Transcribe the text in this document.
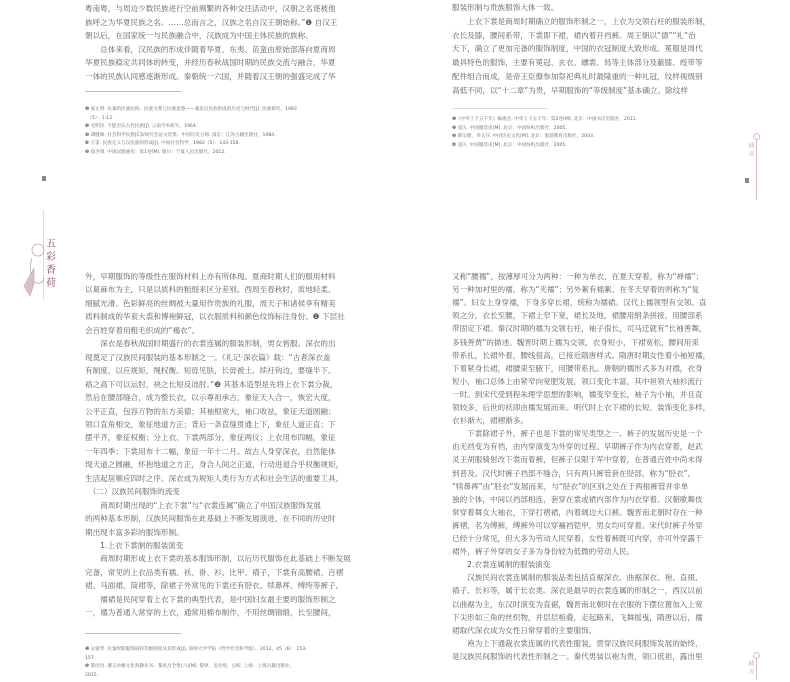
粤南粤，与周边少数民族进行空前频繁的各种交往活动中，汉朝之名逐被他
族呼之为华夏民族之名。……总而言之，汉族之名自汉王朝始称。”❶ 自汉王
朝以后，在国家统一与民族融合中，汉族成为中国主体民族的族称。
　　总体来看，汉民族的形成伴随着华夏、东夷、苗蛮由原始部落向夏商周
华夏民族稳定共同体的转变，并经历春秋战国时期的民族交流与融合，华夏
一体的民族认同感逐渐形成。秦朝统一六国，并随着汉王朝的强盛完成了华
❶ 张正明. 先秦的民族结构、民族关系与民族思想——兼论汉民族形成的历史与时代[J]. 民族研究，1983
　（5）：1-12.
❷ 尤明泽. 不能否认古代民族[J]. 云南学术研究，1964.
❸ 谭健修. 社会科学民族[C]//研究会论文选集：中国历史分册. 南京：江苏古籍出版社，1984.
❹ 王雷. 民族定义与汉民族的形成[J]. 中国社会科学，1982（5）：143-158.
❺ 徐杰舜. 中国汉族通史：第1卷[M]. 银川：宁夏人民出版社，2012.
服装形制与贵族服饰大体一致。
　　上衣下裳是商周时期确立的服饰形制之一，上衣为交领右衽的服装形制，
衣长及膝，腰间系带，下裳即下裙，裙内着开裆裤。周王朝以“德”“礼”治
天下，确立了更加完备的服饰制度，中国的衣冠制度大致形成。冕服是周代
最具特色的服饰，主要有冕冠、玄衣、纁裳、舄等主体部分及蔽膝、绶带等
配件组合而成，是帝王臣僚参加祭祀典礼时最隆重的一种礼冠，纹样视级别
高低不同，以“十二章”为贵，早期服饰的“等级制度”基本确立。除纹样
❶《中华上下五千年》编委会. 中华上下五千年：第2卷[M]. 北京：中国书店出版社，2011.
❷ 袁仄. 中国服装史[M]. 北京：中国纺织出版社，2005.
❸ 蔡宗德，李文芬. 中国历史文化[M]. 北京：旅游教育出版社，2003.
❹ 袁仄. 中国服装史[M]. 北京：中国纺织出版社，2005.	前言
五
彩
香
荷
外，早期服饰的等级性在服饰材料上亦有所体现。夏商时期人们的服用材料
以葛麻布为主，只是以质料的粗细来区分差别。西周至春秋时，质地轻柔、
细腻光滑、色彩鲜亮的丝绸被大量用作贵族的礼服，周天子和诸侯享有精美
质料制成的华衮大裘和博袍鲜冠，以衣服质料和颜色纹饰标注身份。❶ 下层社
会百姓穿着用粗毛织成的“褐衣”。
　　深衣是春秋战国时期盛行的衣裳连属的服装形制，男女皆服。深衣的出
现奠定了汉族民间服装的基本形制之一。《礼记·深衣篇》载：“古者深衣盖
有制度，以应规矩，绳权衡。短毋见肤，长毋被土。续衽钩边，要缝半下。
袼之高下可以运肘，袂之长短反诎肘。”❷ 其基本造型是先将上衣下裳分裁，
然后在腰部缝合，成为整长衣，以示尊祖承古，象征天人合一，恢宏大度，
公平正直，包容万物的东方美德；其袖根宽大，袖口收祛，象征天道圆融；
领口直角相交，象征地道方正；背后一条直缝贯通上下，象征人道正直；下
摆平齐，象征权衡；分上衣、下裳两部分，象征两仪；上衣用布四幅，象征
一年四季；下裳用布十二幅，象征一年十二月。故古人身穿深衣，自然能体
现天道之圆融，怀抱地道之方正，身合人间之正道，行动进退合乎权衡规矩，
生活起居顺应四时之序。深衣成为规矩人类行为方式和社会生活的重要工具。
　（二）汉族民间服饰的流变
　　商周时期出现的“上衣下裳”与“衣裳连属”确立了中国汉族服饰发展
的两种基本形制，汉族民间服饰在此基础上不断发展演进，在不同的历史时
期出现丰富多彩的服饰形制。
　　1.上衣下裳制的服装演变
　　商周时期形成上衣下裳的基本服饰形制，以后历代服饰在此基础上不断发展
完备，常见的上衣品类有襦、袄、褂、衫、比甲、褙子，下裳有高腰裙、百褶
裙、马面裙、筒裙等，除裙子外常见的下裳还有胫衣、犊鼻裈、缚绔等裤子。
　　襦裙是民间穿着上衣下裳的典型代表，是中国妇女最主要的服饰形制之
一，襦为普通人常穿的上衣，通常用棉布制作，不用丝绸锦缎，长至腰间，
❶ 吴爱琴. 先秦时期服饰质料等级制度及其形成[J]. 郑州大学学报（哲学社会科学版），2012，45（6）：153-
157.
❷ 黎庶昌. 遵义沙滩文化典籍丛书：黎庶昌全集(六)[M]. 黎铎，龙先绪，点校. 上海：上海古籍出版社，
2015.
又称“腰襦”。按薄厚可分为两种：一种为单衣，在夏天穿着，称为“禅襦”；
另一种加衬里的襦，称为“夹襦”；另外絮有棉絮、在冬天穿着的则称为“复
襦”。妇女上身穿襦，下身多穿长裙，统称为襦裙。汉代上襦领型有交领、直
领之分，衣长至腰，下裙上窄下宽，裙长及地，裙腰用绢条拼接，用腰部系
带固定下裙。秦汉时期的襦为交领右衽，袖子很长，司马迁就有“长袖善舞，
多钱善贾”的描述。魏晋时期上襦为交领，衣身短小，下裙宽松，腰间用束
带系扎，长裙外着，腰线很高，已接近隋唐样式。隋唐时期女性着小袖短襦，
下着紧身长裙，裙腰束至腋下，用腰带系扎。唐朝的襦形式多为对襟，衣身
短小，袖口总体上由紧窄向宽肥发展，领口变化丰富，其中袒领大袖衫流行
一时。到宋代受到程朱理学思想的影响，襦变窄变长，袖子为小袖，并且直
领较多，后世的袄即由襦发展而来。明代时上衣下裙的长短、装饰变化多样，
衣衫渐大，裙褶渐多。
　　下裳除裙子外，裤子也是下裳的常见类型之一。裤子的发展历史是一个
由无裆变为有裆，由内穿演变为外穿的过程。早期裤子作为内衣穿着，赵武
灵王胡服骑射改下裳而着裤，但裤子仅限于军中穿着，在普通百姓中尚未得
到普及。汉代时裤子裆部不缝合，只有两只裤管套在胫部，称为“胫衣”。
“犊鼻裈”由“胫衣”发展而来，与“胫衣”的区别之处在于两根裤管并非单
独的个体，中间以裆部相连，套穿在裳或裙内部作为内衣穿着。汉朝歌舞伎
常穿着舞女大袖衣，下穿打褶裙，内着阔边大口裤。魏晋南北朝时存在一种
裤褶，名为缚裤，缚裤外可以穿裲裆铠甲，男女均可穿着。宋代时裤子外穿
已经十分常见，但大多为劳动人民穿着，女性着裤既可内穿，亦可外穿露于
裙外，裤子外穿的女子多为身份较为低微的劳动人民。
　　2.衣裳连属制的服装演变
　　汉族民间衣裳连属制的服装品类包括直裾深衣、曲裾深衣、袍、直裰、
褙子、长衫等，属于长衣类。深衣是最早的衣裳连属的形制之一，西汉以前
以曲裾为主，东汉时演变为直裾，魏晋南北朝时在衣服的下摆位置加入上宽
下尖形如三角的丝织物，并层层相叠，走起路来，飞舞摇曳，隋唐以后，襦
裙取代深衣成为女性日常穿着的主要服饰。
　　袍为上下通裁衣裳连属的代表性服装，贯穿汉族民间服饰发展的始终，
是汉族民间服饰的代表性形制之一。秦代男装以袍为贵，领口低袒，露出里
前言
